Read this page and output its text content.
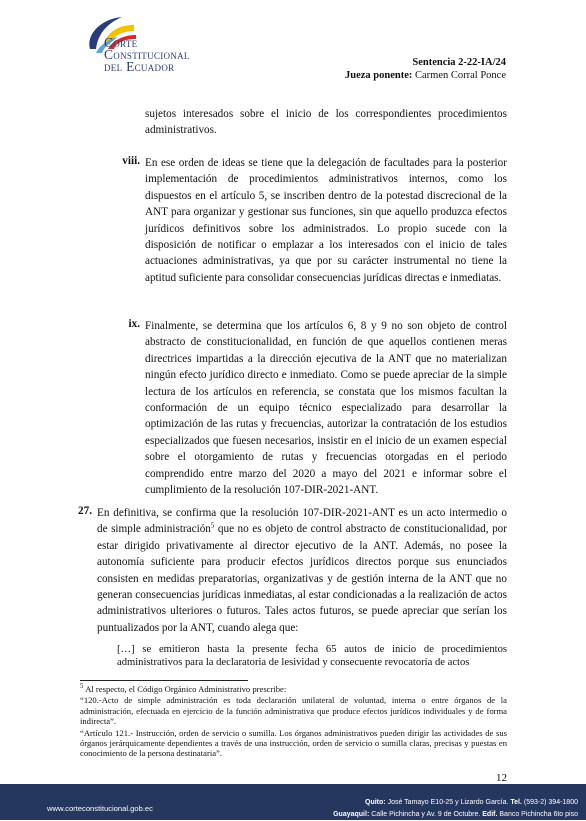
Corte
Constitucional
del Ecuador	Sentencia 2-22-IA/24
Jueza ponente: Carmen Corral Ponce
sujetos interesados sobre el inicio de los correspondientes procedimientos administrativos.
viii. En ese orden de ideas se tiene que la delegación de facultades para la posterior implementación de procedimientos administrativos internos, como los dispuestos en el artículo 5, se inscriben dentro de la potestad discrecional de la ANT para organizar y gestionar sus funciones, sin que aquello produzca efectos jurídicos definitivos sobre los administrados. Lo propio sucede con la disposición de notificar o emplazar a los interesados con el inicio de tales actuaciones administrativas, ya que por su carácter instrumental no tiene la aptitud suficiente para consolidar consecuencias jurídicas directas e inmediatas.
ix. Finalmente, se determina que los artículos 6, 8 y 9 no son objeto de control abstracto de constitucionalidad, en función de que aquellos contienen meras directrices impartidas a la dirección ejecutiva de la ANT que no materializan ningún efecto jurídico directo e inmediato. Como se puede apreciar de la simple lectura de los artículos en referencia, se constata que los mismos facultan la conformación de un equipo técnico especializado para desarrollar la optimización de las rutas y frecuencias, autorizar la contratación de los estudios especializados que fuesen necesarios, insistir en el inicio de un examen especial sobre el otorgamiento de rutas y frecuencias otorgadas en el periodo comprendido entre marzo del 2020 a mayo del 2021 e informar sobre el cumplimiento de la resolución 107-DIR-2021-ANT.
27. En definitiva, se confirma que la resolución 107-DIR-2021-ANT es un acto intermedio o de simple administración$^5$ que no es objeto de control abstracto de constitucionalidad, por estar dirigido privativamente al director ejecutivo de la ANT. Además, no posee la autonomía suficiente para producir efectos jurídicos directos porque sus enunciados consisten en medidas preparatorias, organizativas y de gestión interna de la ANT que no generan consecuencias jurídicas inmediatas, al estar condicionadas a la realización de actos administrativos ulteriores o futuros. Tales actos futuros, se puede apreciar que serían los puntualizados por la ANT, cuando alega que:
[…] se emitieron hasta la presente fecha 65 autos de inicio de procedimientos administrativos para la declaratoria de lesividad y consecuente revocatoria de actos

$^5$ Al respecto, el Código Orgánico Administrativo prescribe:

“120.-Acto de simple administración es toda declaración unilateral de voluntad, interna o entre órganos de la administración, efectuada en ejercicio de la función administrativa que produce efectos jurídicos individuales y de forma indirecta”.

“Artículo 121.- Instrucción, orden de servicio o sumilla. Los órganos administrativos pueden dirigir las actividades de sus órganos jerárquicamente dependientes a través de una instrucción, orden de servicio o sumilla claras, precisas y puestas en conocimiento de la persona destinataria”.

12
www.corteconstitucional.gob.ec
Quito: José Tamayo E10-25 y Lizardo García. Tel. (593-2) 394-1800
Guayaquil: Calle Pichincha y Av. 9 de Octubre. Edif. Banco Pichincha 6to piso
